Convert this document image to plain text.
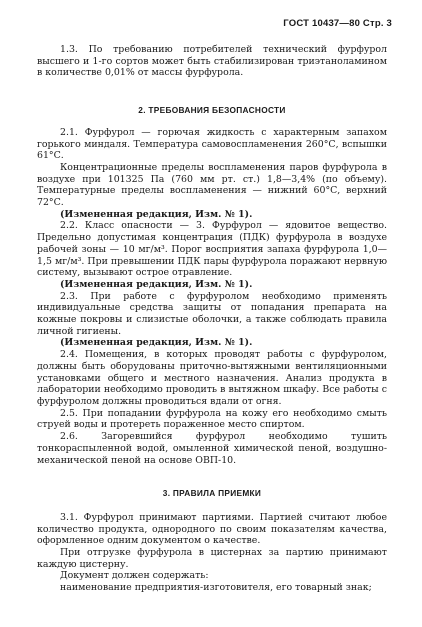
ГОСТ 10437—80 Стр. 3

1.3. По требованию потребителей технический фурфурол высшего и 1-го сортов может быть стабилизирован триэтаноламином в количестве 0,01% от массы фурфурола.

2. ТРЕБОВАНИЯ БЕЗОПАСНОСТИ

2.1. Фурфурол — горючая жидкость с характерным запахом горького миндаля. Температура самовоспламенения 260°С, вспышки 61°С.

Концентрационные пределы воспламенения паров фурфурола в воздухе при 101325 Па (760 мм рт. ст.) 1,8—3,4% (по объему). Температурные пределы воспламенения — нижний 60°С, верхний 72°С.

(Измененная редакция, Изм. № 1).

2.2. Класс опасности — 3. Фурфурол — ядовитое вещество. Предельно допустимая концентрация (ПДК) фурфурола в воздухе рабочей зоны — 10 мг/м³. Порог восприятия запаха фурфурола 1,0—1,5 мг/м³. При превышении ПДК пары фурфурола поражают нервную систему, вызывают острое отравление.

(Измененная редакция, Изм. № 1).

2.3. При работе с фурфуролом необходимо применять индивидуальные средства защиты от попадания препарата на кожные покровы и слизистые оболочки, а также соблюдать правила личной гигиены.

(Измененная редакция, Изм. № 1).

2.4. Помещения, в которых проводят работы с фурфуролом, должны быть оборудованы приточно-вытяжными вентиляционными установками общего и местного назначения. Анализ продукта в лаборатории необходимо проводить в вытяжном шкафу. Все работы с фурфуролом должны проводиться вдали от огня.

2.5. При попадании фурфурола на кожу его необходимо смыть струей воды и протереть пораженное место спиртом.

2.6. Загоревшийся фурфурол необходимо тушить тонкораспыленной водой, омыленной химической пеной, воздушно-механической пеной на основе ОВП-10.

3. ПРАВИЛА ПРИЕМКИ

3.1. Фурфурол принимают партиями. Партией считают любое количество продукта, однородного по своим показателям качества, оформленное одним документом о качестве.

При отгрузке фурфурола в цистернах за партию принимают каждую цистерну.

Документ должен содержать:

наименование предприятия-изготовителя, его товарный знак;
